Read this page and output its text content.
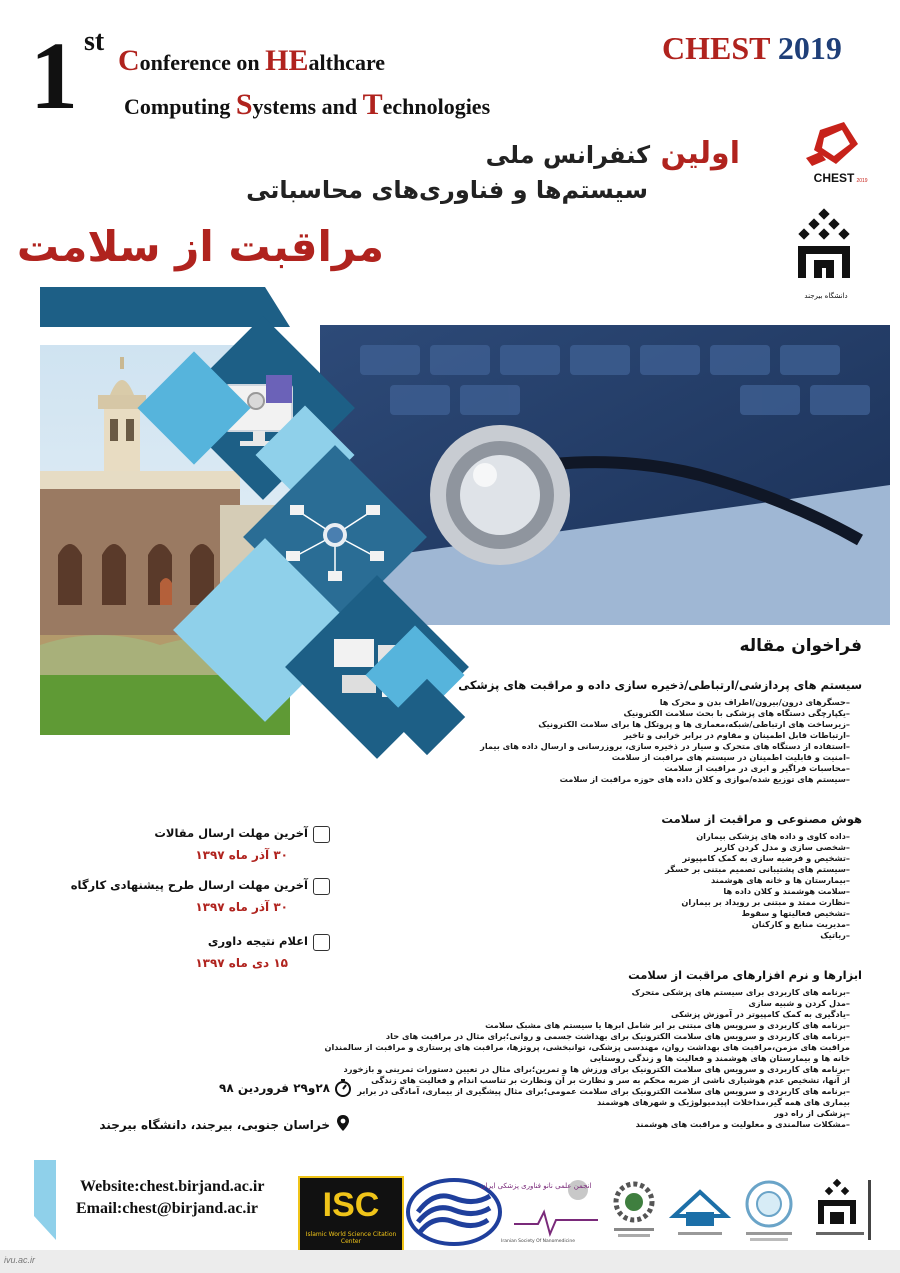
1 st
Conference on HEalthcare
Computing Systems and Technologies
CHEST 2019
اولین کنفرانس ملی
سیستم‌ها و فناوری‌های محاسباتی
مراقبت از سلامت
CHEST 2019
دانشگاه بیرجند
فراخوان مقاله
سیستم های پردازشی/ارتباطی/ذخیره سازی داده و مراقبت های پزشکی
–حسگرهای درون/بیرون/اطراف بدن و محرک ها
–یکپارچگی دستگاه های پزشکی با بحث سلامت الکترونیک
–زیرساخت های ارتباطی/شبکه،معماری ها و پروتکل ها برای سلامت الکترونیک
–ارتباطات قابل اطمینان و مقاوم در برابر خرابی و تاخیر
–استفاده از دستگاه های متحرک و سیار در ذخیره سازی، بروزرسانی و ارسال داده های بیمار
–امنیت و قابلیت اطمینان در سیستم های مراقبت از سلامت
–محاسبات فراگیر و ابری در مراقبت از سلامت
–سیستم های توزیع شده/موازی و کلان داده های حوزه مراقبت از سلامت
هوش مصنوعی و مراقبت از سلامت
–داده کاوی و داده های پزشکی بیماران
–شخصی سازی و مدل کردن کاربر
–تشخیص و فرضیه سازی به کمک کامپیوتر
–سیستم های پشتیبانی تصمیم مبتنی بر حسگر
–بیمارستان ها و خانه های هوشمند
–سلامت هوشمند و کلان داده ها
–نظارت ممتد و مبتنی بر رویداد بر بیماران
–تشخیص فعالیتها و سقوط
–مدیریت منابع و کارکنان
–رباتیک
ابزارها و نرم افزارهای مراقبت از سلامت
–برنامه های کاربردی برای سیستم های پزشکی متحرک
–مدل کردن و شبیه سازی
–یادگیری به کمک کامپیوتر در آموزش پزشکی
–برنامه های کاربردی و سرویس های مبتنی بر ابر شامل ابرها یا سیستم های مشبک سلامت
–برنامه های کاربردی و سرویس های سلامت الکترونیک برای بهداشت جسمی و روانی؛برای مثال در مراقبت های حاد
مراقبت های مزمن،مراقبت های بهداشت روان، مهندسی پزشکی، توانبخشی، پروتزها، مراقبت های پرستاری و مراقبت از سالمندان
خانه ها و بیمارستان های هوشمند و فعالیت ها و زندگی روستایی
–برنامه های کاربردی و سرویس های سلامت الکترونیک برای ورزش ها و تمرین؛برای مثال در تعیین دستورات تمرینی و بازخورد
از آنها، تشخیص عدم هوشیاری ناشی از ضربه محکم به سر و نظارت بر آن ونظارت بر تناسب اندام و فعالیت های زندگی
–برنامه های کاربردی و سرویس های سلامت الکترونیک برای سلامت عمومی؛برای مثال پیشگیری از بیماری، آمادگی در برابر
بیماری های همه گیر،مداخلات اپیدمیولوژیک و شهرهای هوشمند
–پزشکی از راه دور
–مشکلات سالمندی و معلولیت و مراقبت های هوشمند
آخرین مهلت ارسال مقالات
۳۰ آذر ماه ۱۳۹۷
آخرین مهلت ارسال طرح پیشنهادی کارگاه
۳۰ آذر ماه ۱۳۹۷
اعلام نتیجه داوری
۱۵ دی ماه ۱۳۹۷
۲۸و۲۹ فروردین ۹۸
خراسان جنوبی، بیرجند، دانشگاه بیرجند
Website:chest.birjand.ac.ir
Email:chest@birjand.ac.ir	ISC
Islamic World Science Citation Center
انجمن علمی نانو فناوری پزشکی ایران
Iranian Society Of Nanomedicine
ivu.ac.ir
